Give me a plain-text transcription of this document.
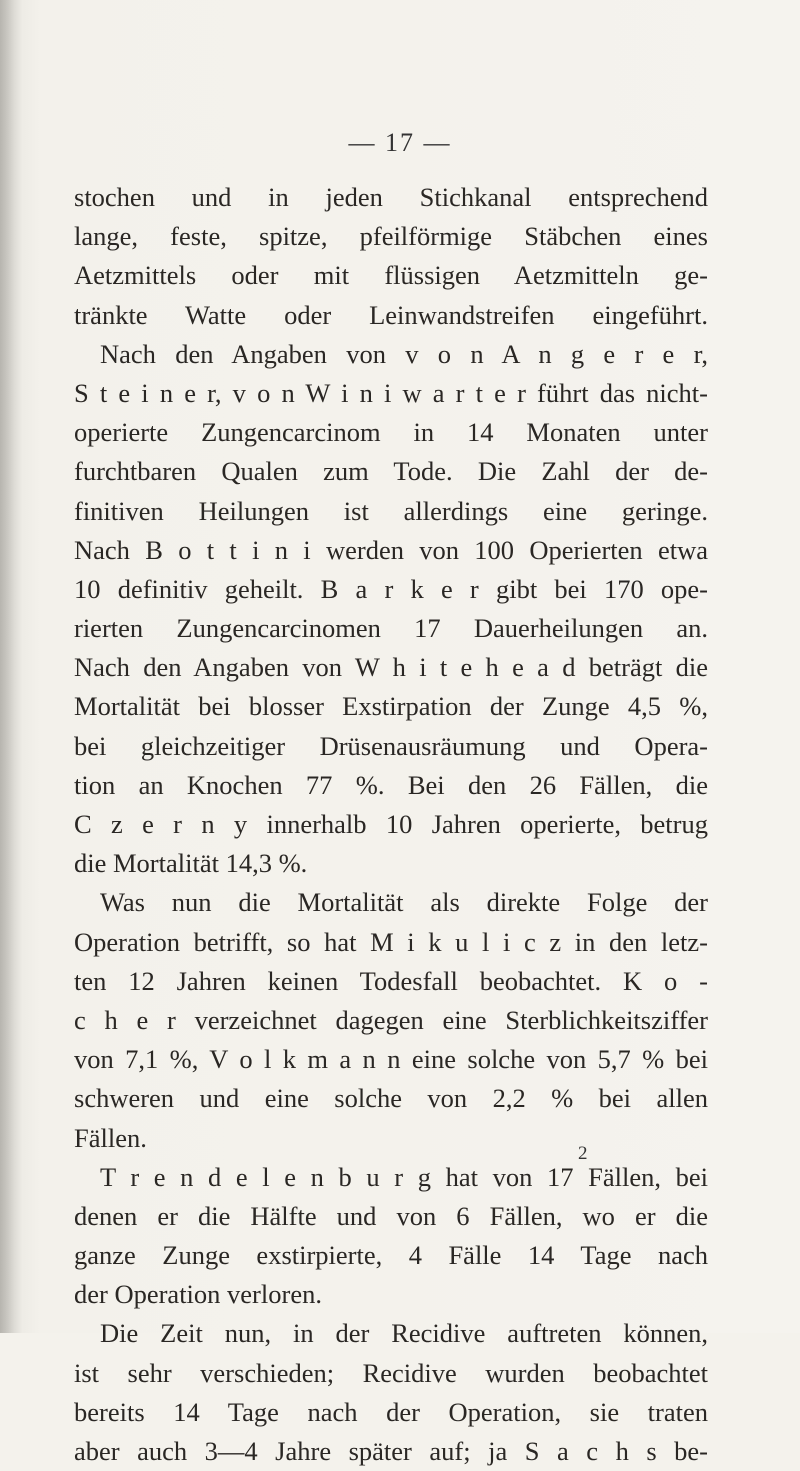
— 17 —
stochen und in jeden Stichkanal entsprechend
lange, feste, spitze, pfeilförmige Stäbchen eines
Aetzmittels oder mit flüssigen Aetzmitteln ge-
tränkte Watte oder Leinwandstreifen eingeführt.
Nach den Angaben von v o n A n g e r e r,
S t e i n e r, v o n W i n i w a r t e r führt das nicht-
operierte Zungencarcinom in 14 Monaten unter
furchtbaren Qualen zum Tode. Die Zahl der de-
finitiven Heilungen ist allerdings eine geringe.
Nach B o t t i n i werden von 100 Operierten etwa
10 definitiv geheilt. B a r k e r gibt bei 170 ope-
rierten Zungencarcinomen 17 Dauerheilungen an.
Nach den Angaben von W h i t e h e a d beträgt die
Mortalität bei blosser Exstirpation der Zunge 4,5 %,
bei gleichzeitiger Drüsenausräumung und Opera-
tion an Knochen 77 %. Bei den 26 Fällen, die
C z e r n y innerhalb 10 Jahren operierte, betrug
die Mortalität 14,3 %.
Was nun die Mortalität als direkte Folge der
Operation betrifft, so hat M i k u l i c z in den letz-
ten 12 Jahren keinen Todesfall beobachtet. K o -
c h e r verzeichnet dagegen eine Sterblichkeitsziffer
von 7,1 %, V o l k m a n n eine solche von 5,7 % bei
schweren und eine solche von 2,2 % bei allen
Fällen.
T r e n d e l e n b u r g hat von 17 Fällen, bei
denen er die Hälfte und von 6 Fällen, wo er die
ganze Zunge exstirpierte, 4 Fälle 14 Tage nach
der Operation verloren.
Die Zeit nun, in der Recidive auftreten können,
ist sehr verschieden; Recidive wurden beobachtet
bereits 14 Tage nach der Operation, sie traten
aber auch 3—4 Jahre später auf; ja S a c h s be-
2
